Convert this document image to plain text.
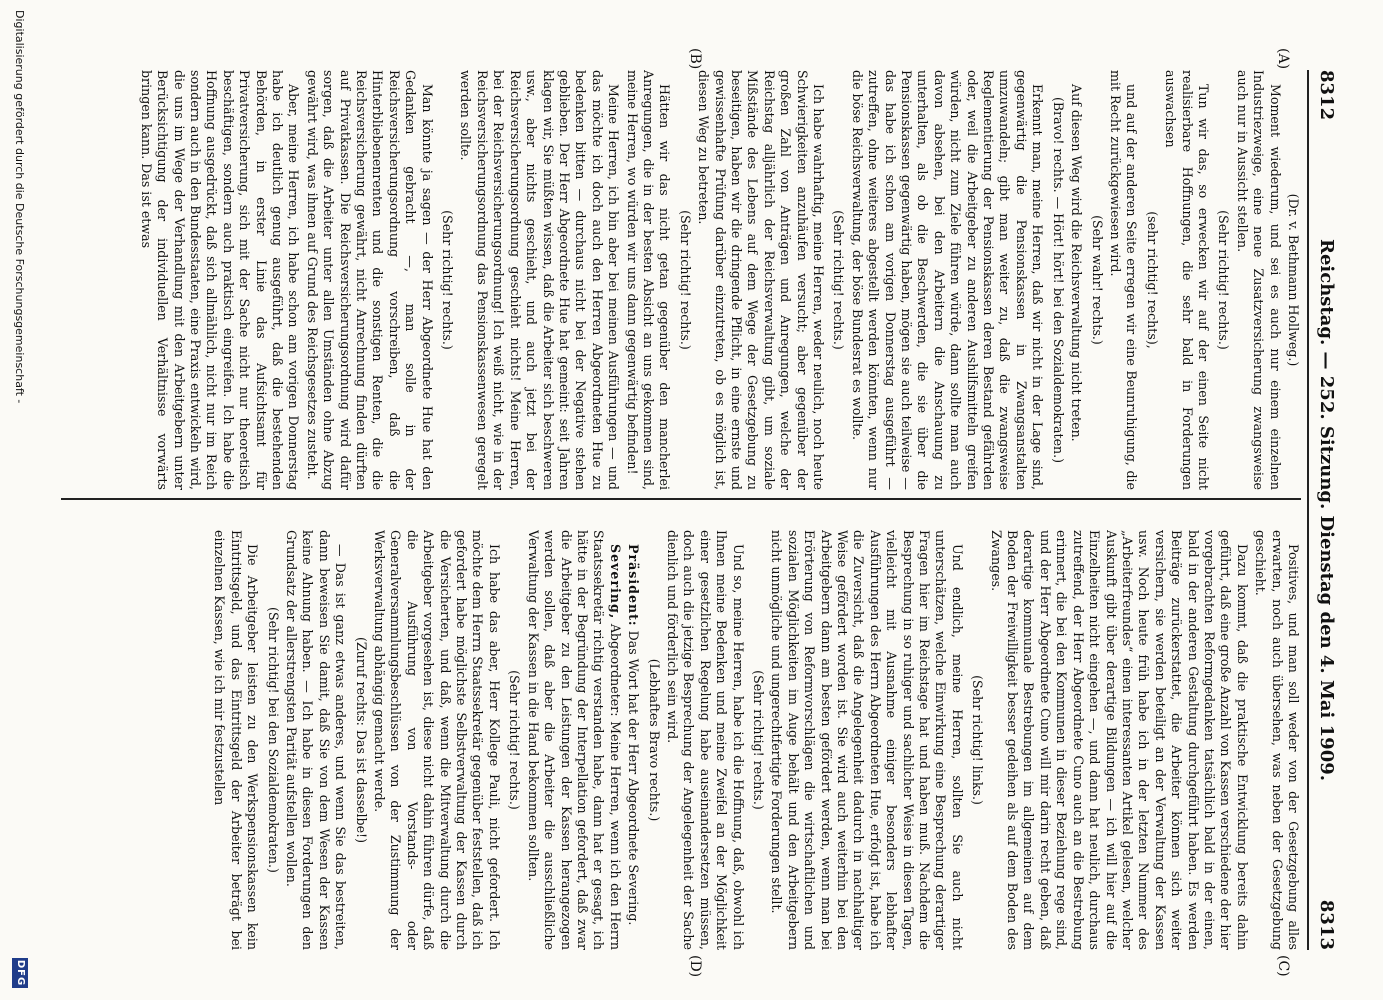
8312
Reichstag. — 252. Sitzung. Dienstag den 4. Mai 1909.
8313
(A)
(B)
(C)
(D)

(Dr. v. Bethmann Hollweg.)

Moment wiederum, und sei es auch nur einem einzelnen Industriezweige, eine neue Zusatzversicherung zwangsweise auch nur in Aussicht stellen.

(Sehr richtig! rechts.)

Tun wir das, so erwecken wir auf der einen Seite nicht realisierbare Hoffnungen, die sehr bald in Forderungen auswachsen

(sehr richtig! rechts),

und auf der anderen Seite erregen wir eine Beunruhigung, die mit Recht zurückgewiesen wird.

(Sehr wahr! rechts.)

Auf diesen Weg wird die Reichsverwaltung nicht treten.

(Bravo! rechts. — Hört! hört! bei den Sozialdemokraten.)

Erkennt man, meine Herren, daß wir nicht in der Lage sind, gegenwärtig die Pensionskassen in Zwangsanstalten umzuwandeln; gibt man weiter zu, daß die zwangsweise Reglementierung der Pensionskassen deren Bestand gefährden oder, weil die Arbeitgeber zu anderen Aushilfsmitteln greifen würden, nicht zum Ziele führen würde, dann sollte man auch davon absehen, bei den Arbeitern die Anschauung zu unterhalten, als ob die Beschwerden, die sie über die Pensionskassen gegenwärtig haben, mögen sie auch teilweise — das habe ich schon am vorigen Donnerstag ausgeführt — zutreffen, ohne weiteres abgestellt werden könnten, wenn nur die böse Reichsverwaltung, der böse Bundesrat es wollte.

(Sehr richtig! rechts.)

Ich habe wahrhaftig, meine Herren, weder neulich, noch heute Schwierigkeiten anzuhäufen versucht; aber gegenüber der großen Zahl von Anträgen und Anregungen, welche der Reichstag alljährlich der Reichsverwaltung gibt, um soziale Mißstände des Lebens auf dem Wege der Gesetzgebung zu beseitigen, haben wir die dringende Pflicht, in eine ernste und gewissenhafte Prüfung darüber einzutreten, ob es möglich ist, diesen Weg zu betreten.

(Sehr richtig! rechts.)

Hätten wir das nicht getan gegenüber den mancherlei Anregungen, die in der besten Absicht an uns gekommen sind, meine Herren, wo würden wir uns dann gegenwärtig befinden!

Meine Herren, ich bin aber bei meinen Ausführungen — und das möchte ich doch auch den Herren Abgeordneten Hue zu bedenken bitten — durchaus nicht bei der Negative stehen geblieben. Der Herr Abgeordnete Hue hat gemeint: seit Jahren klagen wir, Sie müßten wissen, daß die Arbeiter sich beschweren usw., aber nichts geschieht, und auch jetzt bei der Reichsversicherungsordnung geschieht nichts! Meine Herren, bei der Reichsversicherungsordnung! Ich weiß nicht, wie in der Reichsversicherungsordnung das Pensionskassenwesen geregelt werden sollte.

(Sehr richtig! rechts.)

Man könnte ja sagen — der Herr Abgeordnete Hue hat den Gedanken gebracht —, man solle in der Reichsversicherungsordnung vorschreiben, daß die Hinterbliebenenrenten und die sonstigen Renten, die die Reichsversicherung gewährt, nicht Anrechnung finden dürften auf Privatkassen. Die Reichsversicherungsordnung wird dafür sorgen, daß die Arbeiter unter allen Umständen ohne Abzug gewährt wird, was ihnen auf Grund des Reichsgesetzes zusteht.

Aber, meine Herren, ich habe schon am vorigen Donnerstag habe ich deutlich genug ausgeführt, daß die bestehenden Behörden, in erster Linie das Aufsichtsamt für Privatversicherung, sich mit der Sache nicht nur theoretisch beschäftigen, sondern auch praktisch eingreifen. Ich habe die Hoffnung ausgedrückt, daß sich allmählich, nicht nur im Reich sondern auch in den Bundesstaaten, eine Praxis entwickeln wird, die uns im Wege der Verhandlung mit den Arbeitgebern unter Berücksichtigung der individuellen Verhältnisse vorwärts bringen kann. Das ist etwas

Positives, und man soll weder von der Gesetzgebung alles erwarten, noch auch übersehen, was neben der Gesetzgebung geschieht.

Dazu kommt, daß die praktische Entwicklung bereits dahin geführt, daß eine große Anzahl von Kassen verschiedene der hier vorgebrachten Reformgedanken tatsächlich bald in der einen, bald in der anderen Gestaltung durchgeführt haben. Es werden Beiträge zurückerstattet, die Arbeiter können sich weiter versichern, sie werden beteiligt an der Verwaltung der Kassen usw. Noch heute früh habe ich in der letzten Nummer des „Arbeiterfreundes“ einen interessanten Artikel gelesen, welcher Auskunft gibt über derartige Bildungen — ich will hier auf die Einzelheiten nicht eingehen —, und dann hat neulich, durchaus zutreffend, der Herr Abgeordnete Cuno auch an die Bestrebung erinnert, die bei den Kommunen in dieser Beziehung rege sind, und der Herr Abgeordnete Cuno will mir darin recht geben, daß derartige kommunale Bestrebungen im allgemeinen auf dem Boden der Freiwilligkeit besser gedeihen als auf dem Boden des Zwanges.

(Sehr richtig! links.)

Und endlich, meine Herren, sollten Sie auch nicht unterschätzen, welche Einwirkung eine Besprechung derartiger Fragen hier im Reichstage hat und haben muß. Nachdem die Besprechung in so ruhiger und sachlicher Weise in diesen Tagen, vielleicht mit Ausnahme einiger besonders lebhafter Ausführungen des Herrn Abgeordneten Hue, erfolgt ist, habe ich die Zuversicht, daß die Angelegenheit dadurch in nachhaltiger Weise gefördert worden ist. Sie wird auch weiterhin bei den Arbeitgebern dann am besten gefördert werden, wenn man bei Erörterung von Reformvorschlägen die wirtschaftlichen und sozialen Möglichkeiten im Auge behält und den Arbeitgebern nicht unmögliche und ungerechtfertigte Forderungen stellt.

(Sehr richtig! rechts.)

Und so, meine Herren, habe ich die Hoffnung, daß, obwohl ich Ihnen meine Bedenken und meine Zweifel an der Möglichkeit einer gesetzlichen Regelung habe auseinandersetzen müssen, doch auch die jetzige Besprechung der Angelegenheit der Sache dienlich und förderlich sein wird.

(Lebhaftes Bravo rechts.)

Präsident: Das Wort hat der Herr Abgeordnete Severing.

Severing, Abgeordneter: Meine Herren, wenn ich den Herrn Staatssekretär richtig verstanden habe, dann hat er gesagt, ich hätte in der Begründung der Interpellation gefordert, daß zwar die Arbeitgeber zu den Leistungen der Kassen herangezogen werden sollen, daß aber die Arbeiter die ausschließliche Verwaltung der Kassen in die Hand bekommen sollten.

(Sehr richtig! rechts.)

Ich habe das aber, Herr Kollege Pauli, nicht gefordert. Ich möchte dem Herrn Staatssekretär gegenüber feststellen, daß ich gefordert habe möglichste Selbstverwaltung der Kassen durch die Versicherten, und daß, wenn die Mitverwaltung durch die Arbeitgeber vorgesehen ist, diese nicht dahin führen dürfe, daß die Ausführung von Vorstands- oder Generalversammlungsbeschlüssen von der Zustimmung der Werksverwaltung abhängig gemacht werde.

(Zuruf rechts: Das ist dasselbe!)

— Das ist ganz etwas anderes, und wenn Sie das bestreiten, dann beweisen Sie damit, daß Sie von dem Wesen der Kassen keine Ahnung haben. — Ich habe in diesen Forderungen den Grundsatz der allerstrengsten Parität aufstellen wollen.

(Sehr richtig! bei den Sozialdemokraten.)

Die Arbeitgeber leisten zu den Werkspensionskassen kein Eintrittsgeld, und das Eintrittsgeld der Arbeiter beträgt bei einzelnen Kassen, wie ich mir festzustellen

Digitalisierung gefördert durch die Deutsche Forschungsgemeinschaft -
DFG
